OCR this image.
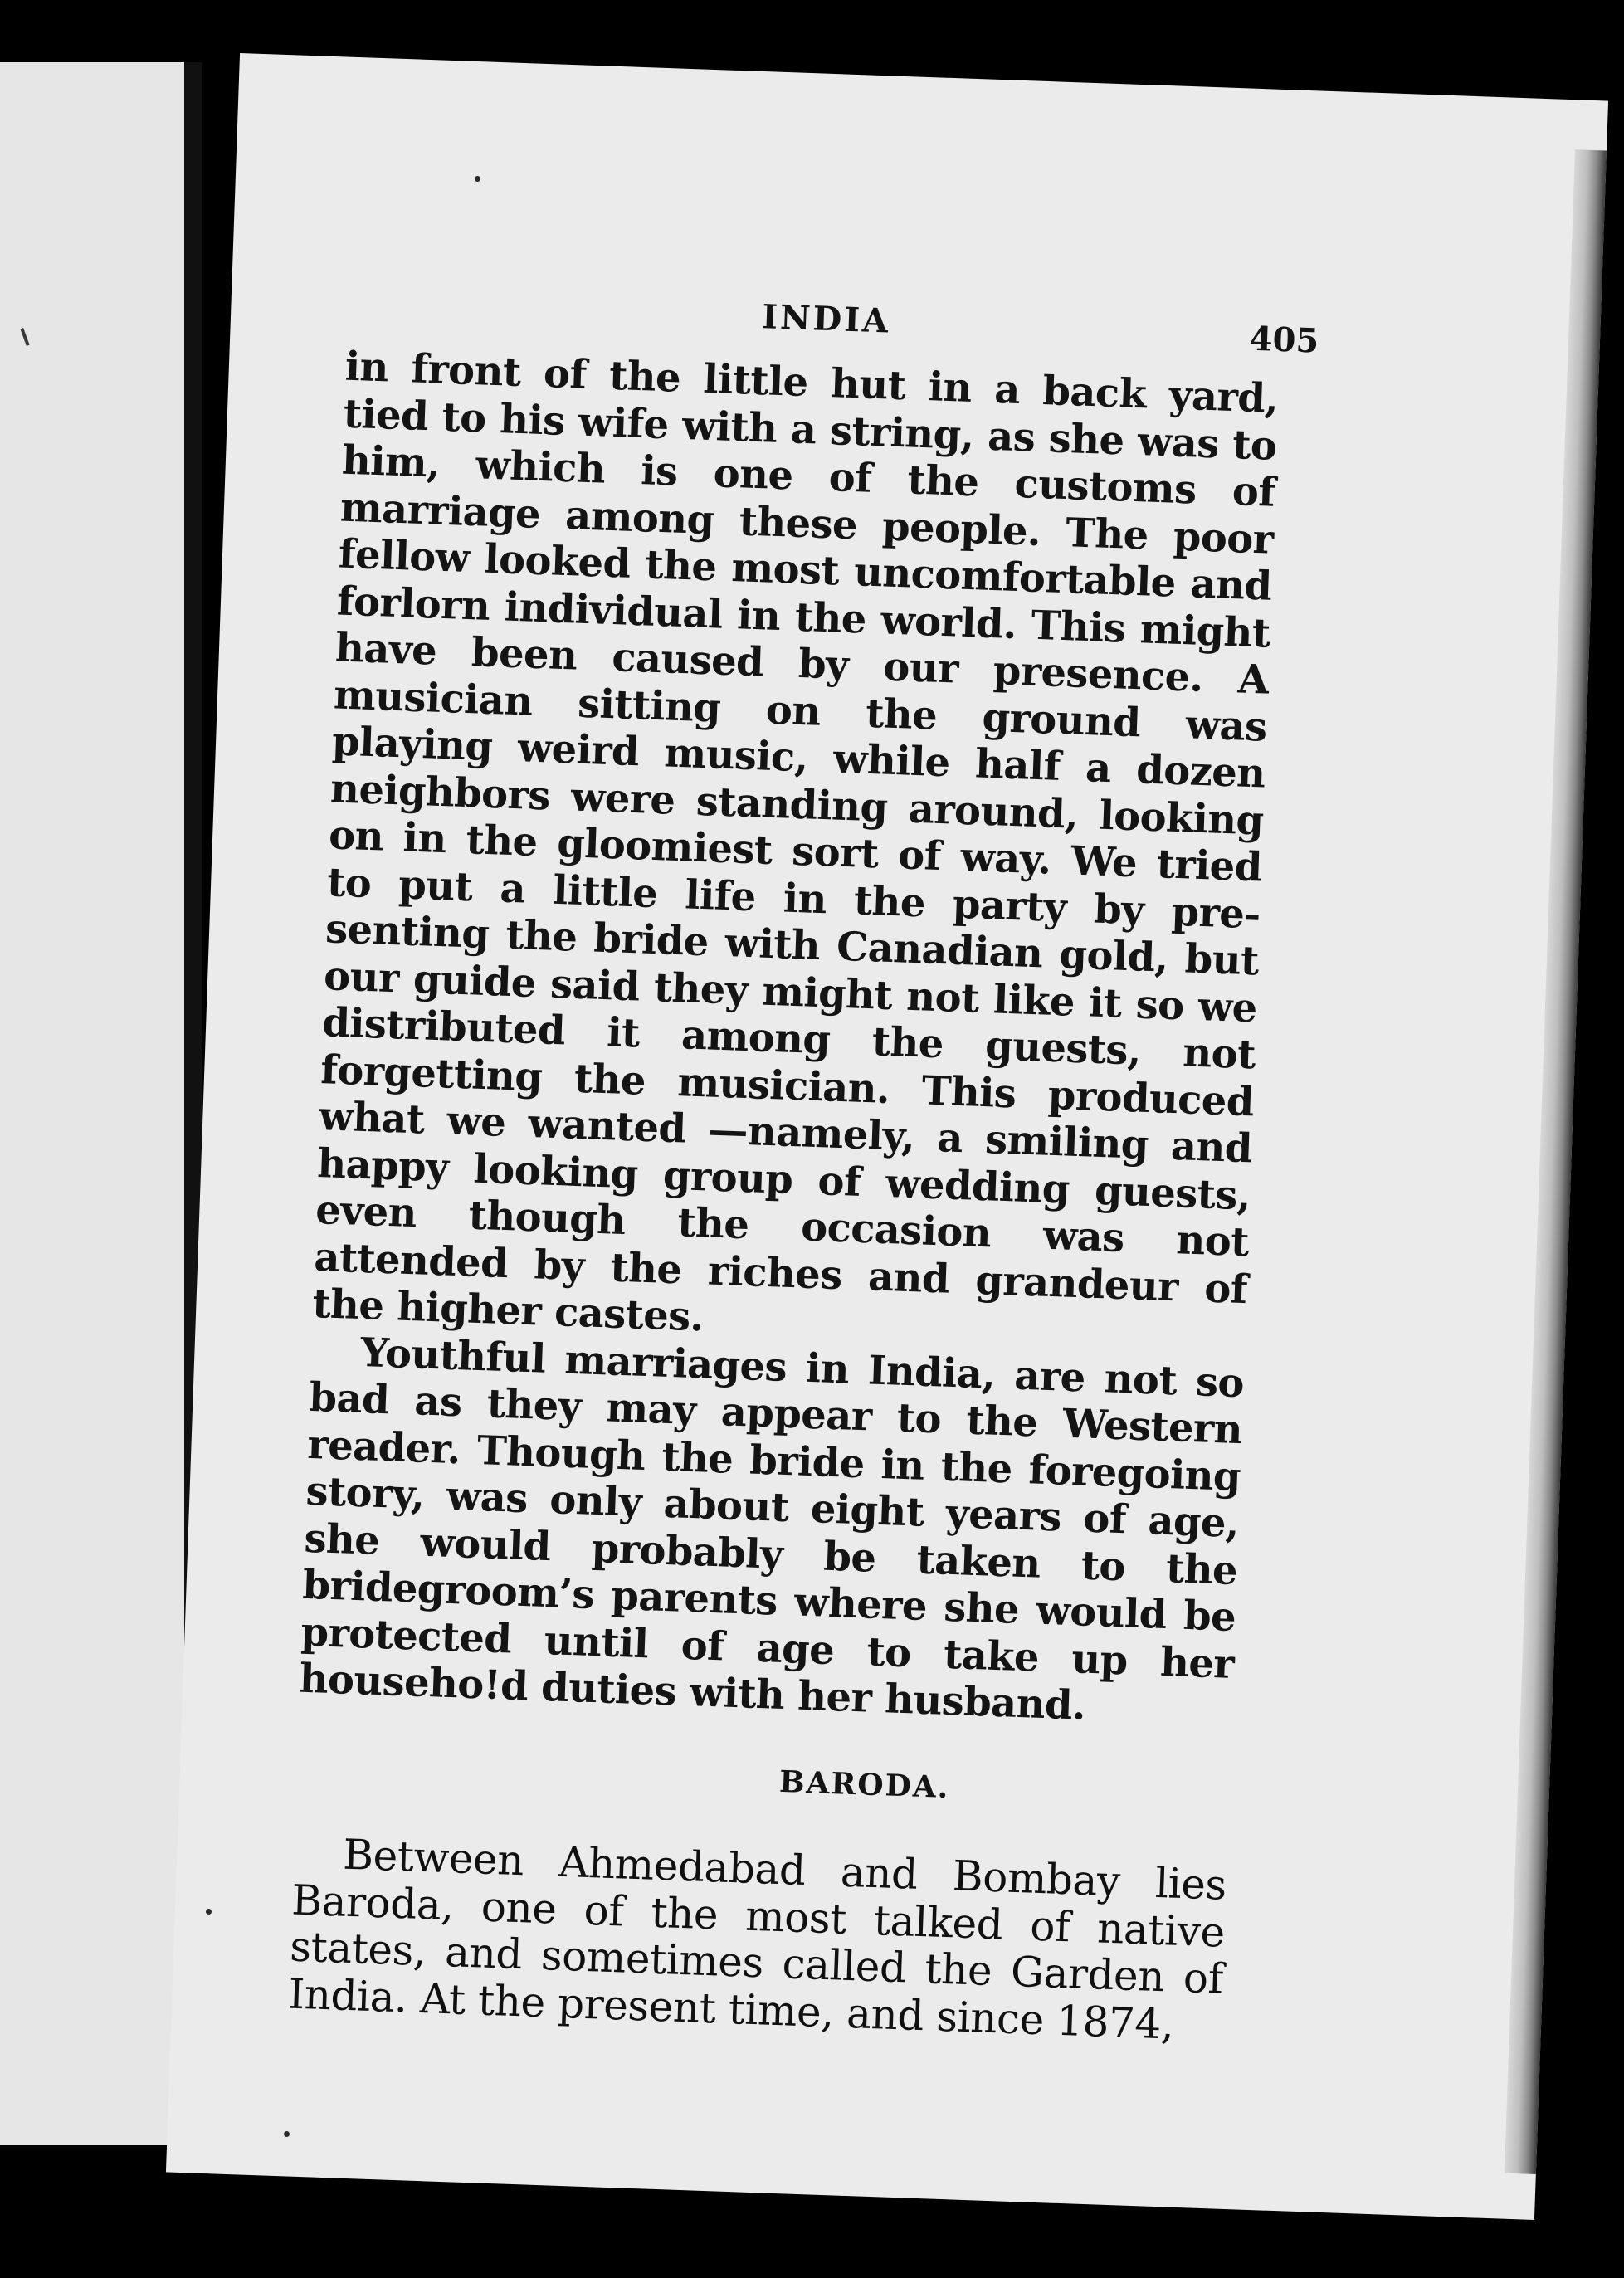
INDIA	405

in front of the little hut in a back yard, tied to his wife with a string, as she was to him, which is one of the customs of marriage among these people. The poor fellow looked the most uncomfortable and forlorn individual in the world. This might have been caused by our presence. A musician sitting on the ground was playing weird music, while half a dozen neighbors were standing around, looking on in the gloomiest sort of way. We tried to put a little life in the party by pre-senting the bride with Canadian gold, but our guide said they might not like it so we distributed it among the guests, not forgetting the musician. This produced what we wanted —namely, a smiling and happy looking group of wedding guests, even though the occasion was not attended by the riches and grandeur of the higher castes.

Youthful marriages in India, are not so bad as they may appear to the Western reader. Though the bride in the foregoing story, was only about eight years of age, she would probably be taken to the bridegroom’s parents where she would be protected until of age to take up her househo!d duties with her husband.

BARODA.

Between Ahmedabad and Bombay lies Baroda, one of the most talked of native states, and sometimes called the Garden of India. At the present time, and since 1874,
